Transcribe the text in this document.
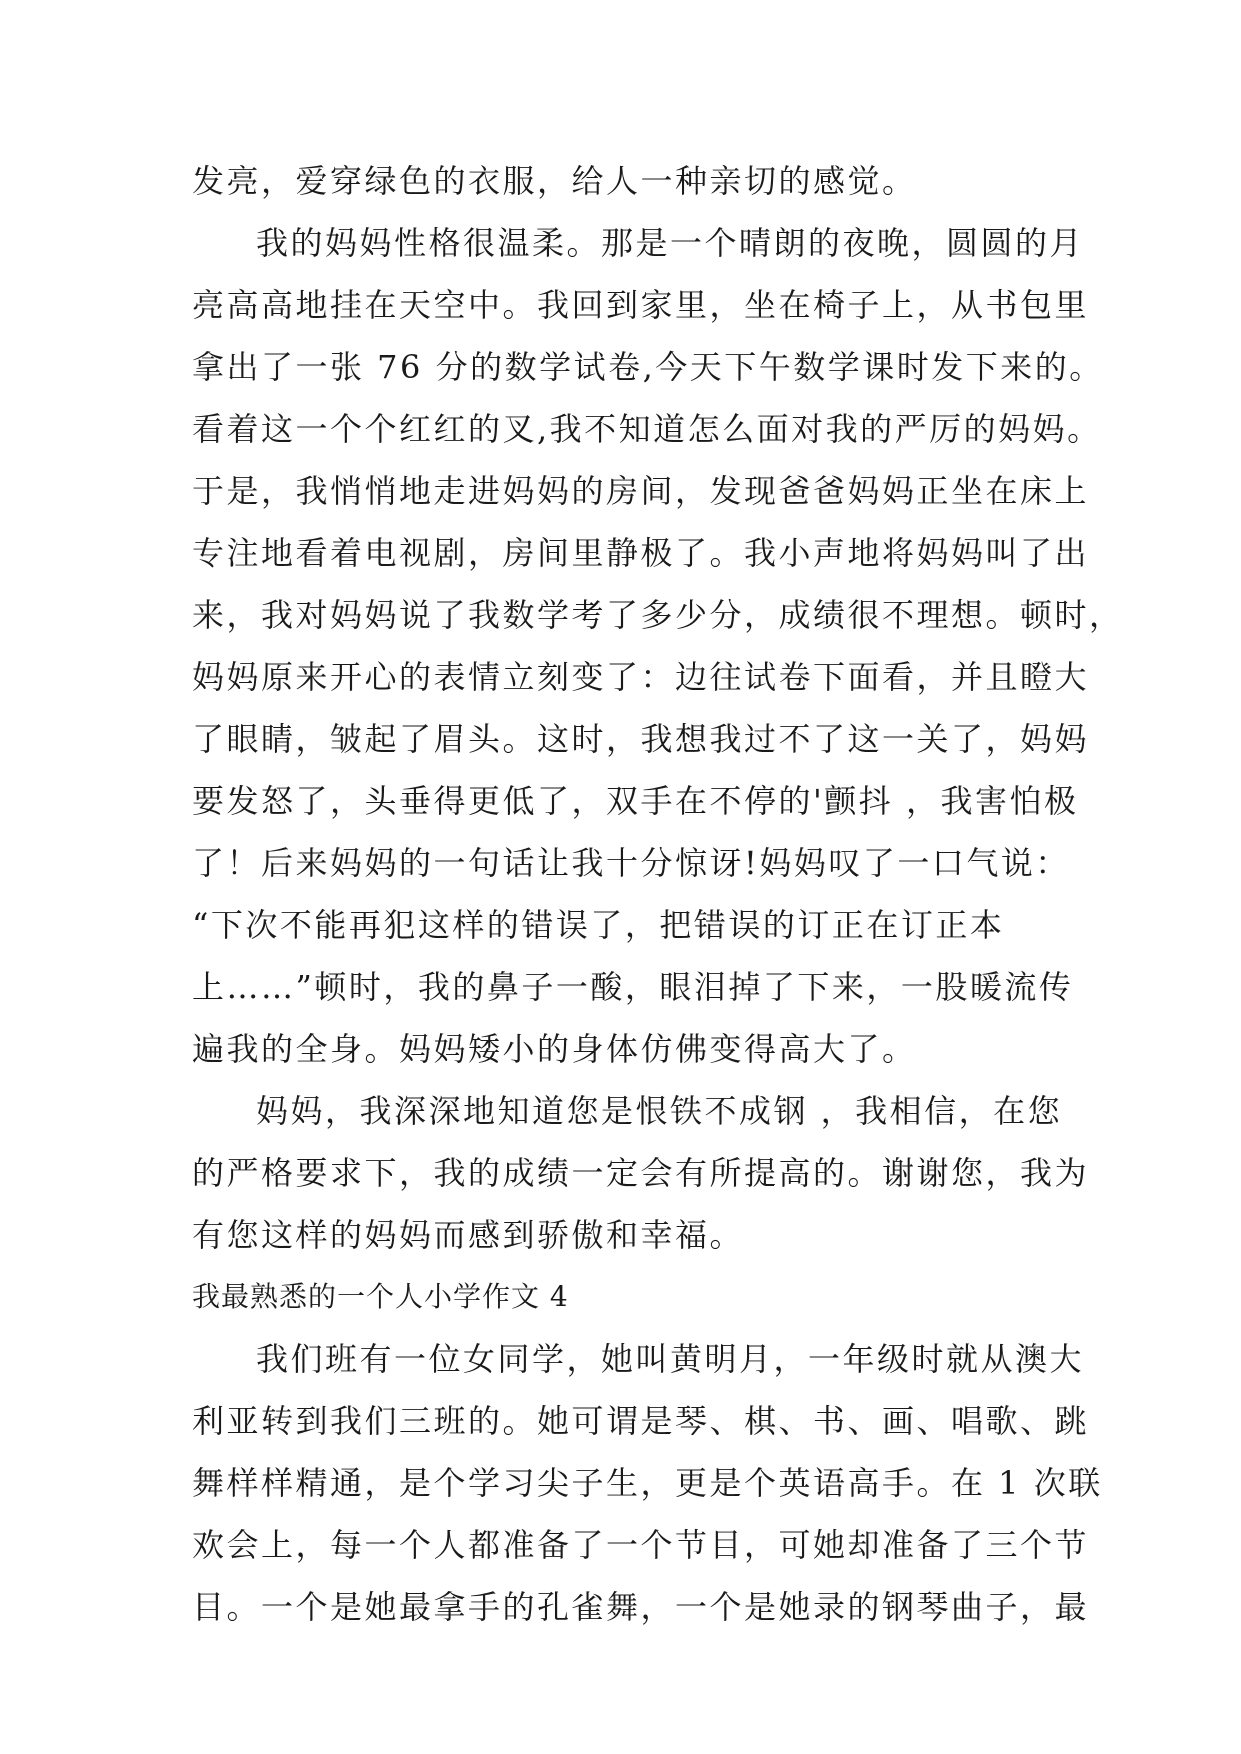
发亮，爱穿绿色的衣服，给人一种亲切的感觉。
我的妈妈性格很温柔。那是一个晴朗的夜晚，圆圆的月
亮高高地挂在天空中。我回到家里，坐在椅子上，从书包里
拿出了一张 76 分的数学试卷,今天下午数学课时发下来的。
看着这一个个红红的叉,我不知道怎么面对我的严厉的妈妈。
于是，我悄悄地走进妈妈的房间，发现爸爸妈妈正坐在床上
专注地看着电视剧，房间里静极了。我小声地将妈妈叫了出
来，我对妈妈说了我数学考了多少分，成绩很不理想。顿时，
妈妈原来开心的表情立刻变了：边往试卷下面看，并且瞪大
了眼睛，皱起了眉头。这时，我想我过不了这一关了，妈妈
要发怒了，头垂得更低了，双手在不停的'颤抖 ，我害怕极
了！后来妈妈的一句话让我十分惊讶!妈妈叹了一口气说：
“下次不能再犯这样的错误了，把错误的订正在订正本
上……”顿时，我的鼻子一酸，眼泪掉了下来，一股暖流传
遍我的全身。妈妈矮小的身体仿佛变得高大了。
妈妈，我深深地知道您是恨铁不成钢 ，我相信，在您
的严格要求下，我的成绩一定会有所提高的。谢谢您，我为
有您这样的妈妈而感到骄傲和幸福。
我最熟悉的一个人小学作文 4
我们班有一位女同学，她叫黄明月，一年级时就从澳大
利亚转到我们三班的。她可谓是琴、棋、书、画、唱歌、跳
舞样样精通，是个学习尖子生，更是个英语高手。在 1 次联
欢会上，每一个人都准备了一个节目，可她却准备了三个节
目。一个是她最拿手的孔雀舞，一个是她录的钢琴曲子，最
